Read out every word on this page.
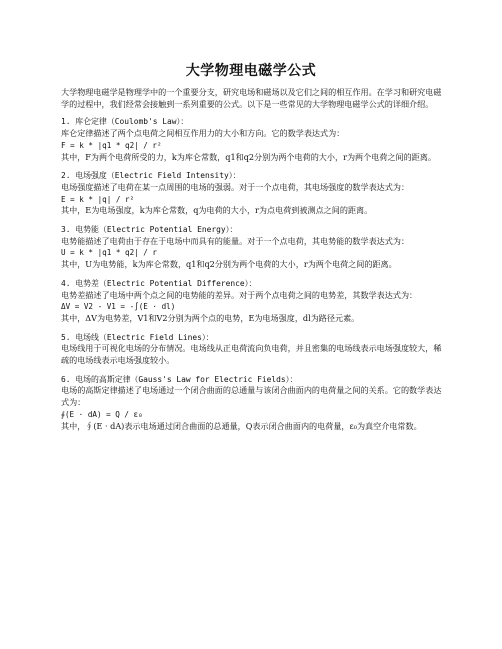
大学物理电磁学公式

大学物理电磁学是物理学中的一个重要分支，研究电场和磁场以及它们之间的相互作用。在学习和研究电磁学的过程中，我们经常会接触到一系列重要的公式。以下是一些常见的大学物理电磁学公式的详细介绍。

1. 库仑定律（Coulomb's Law）：

库仑定律描述了两个点电荷之间相互作用力的大小和方向。它的数学表达式为：

F = k * |q1 * q2| / r²

其中，F为两个电荷所受的力，k为库仑常数，q1和q2分别为两个电荷的大小，r为两个电荷之间的距离。

2. 电场强度（Electric Field Intensity）：

电场强度描述了电荷在某一点周围的电场的强弱。对于一个点电荷，其电场强度的数学表达式为：

E = k * |q| / r²

其中，E为电场强度，k为库仑常数，q为电荷的大小，r为点电荷到被测点之间的距离。

3. 电势能（Electric Potential Energy）：

电势能描述了电荷由于存在于电场中而具有的能量。对于一个点电荷，其电势能的数学表达式为：

U = k * |q1 * q2| / r

其中，U为电势能，k为库仑常数，q1和q2分别为两个电荷的大小，r为两个电荷之间的距离。

4. 电势差（Electric Potential Difference）：

电势差描述了电场中两个点之间的电势能的差异。对于两个点电荷之间的电势差，其数学表达式为：

ΔV = V2 - V1 = -∫(E · dl)

其中，ΔV为电势差，V1和V2分别为两个点的电势，E为电场强度，dl为路径元素。

5. 电场线（Electric Field Lines）：

电场线用于可视化电场的分布情况。电场线从正电荷流向负电荷，并且密集的电场线表示电场强度较大，稀疏的电场线表示电场强度较小。

6. 电场的高斯定律（Gauss's Law for Electric Fields）：

电场的高斯定律描述了电场通过一个闭合曲面的总通量与该闭合曲面内的电荷量之间的关系。它的数学表达式为：

∮(E · dA) = Q / ε₀

其中，∮(E · dA)表示电场通过闭合曲面的总通量，Q表示闭合曲面内的电荷量，ε₀为真空介电常数。
